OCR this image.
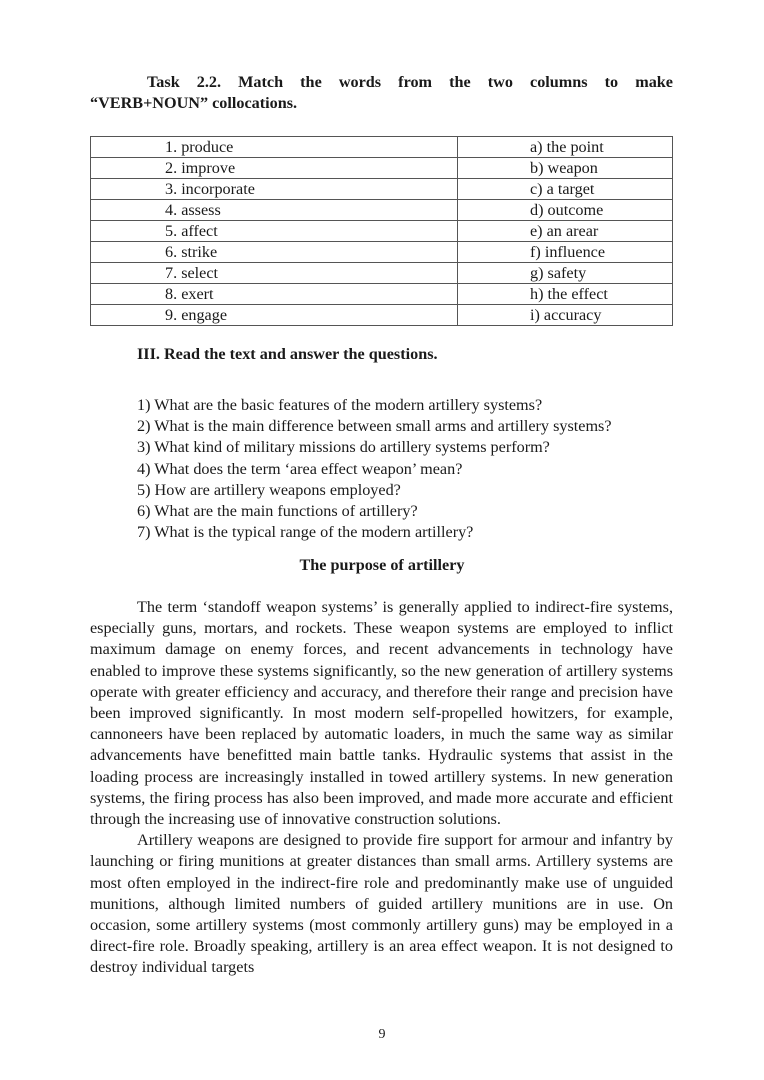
Task 2.2. Match the words from the two columns to make
“VERB+NOUN” collocations.
1. produce	a) the point
2. improve	b) weapon
3. incorporate	c) a target
4. assess	d) outcome
5. affect	e) an arear
6. strike	f) influence
7. select	g) safety
8. exert	h) the effect
9. engage	i) accuracy
III. Read the text and answer the questions.
1) What are the basic features of the modern artillery systems?
2) What is the main difference between small arms and artillery systems?
3) What kind of military missions do artillery systems perform?
4) What does the term ‘area effect weapon’ mean?
5) How are artillery weapons employed?
6) What are the main functions of artillery?
7) What is the typical range of the modern artillery?
The purpose of artillery

The term ‘standoff weapon systems’ is generally applied to indirect-fire systems, especially guns, mortars, and rockets. These weapon systems are employed to inflict maximum damage on enemy forces, and recent advancements in technology have enabled to improve these systems significantly, so the new generation of artillery systems operate with greater efficiency and accuracy, and therefore their range and precision have been improved significantly. In most modern self-propelled howitzers, for example, cannoneers have been replaced by automatic loaders, in much the same way as similar advancements have benefitted main battle tanks. Hydraulic systems that assist in the loading process are increasingly installed in towed artillery systems. In new generation systems, the firing process has also been improved, and made more accurate and efficient through the increasing use of innovative construction solutions.

Artillery weapons are designed to provide fire support for armour and infantry by launching or firing munitions at greater distances than small arms. Artillery systems are most often employed in the indirect-fire role and predominantly make use of unguided munitions, although limited numbers of guided artillery munitions are in use. On occasion, some artillery systems (most commonly artillery guns) may be employed in a direct-fire role. Broadly speaking, artillery is an area effect weapon. It is not designed to destroy individual targets

9
